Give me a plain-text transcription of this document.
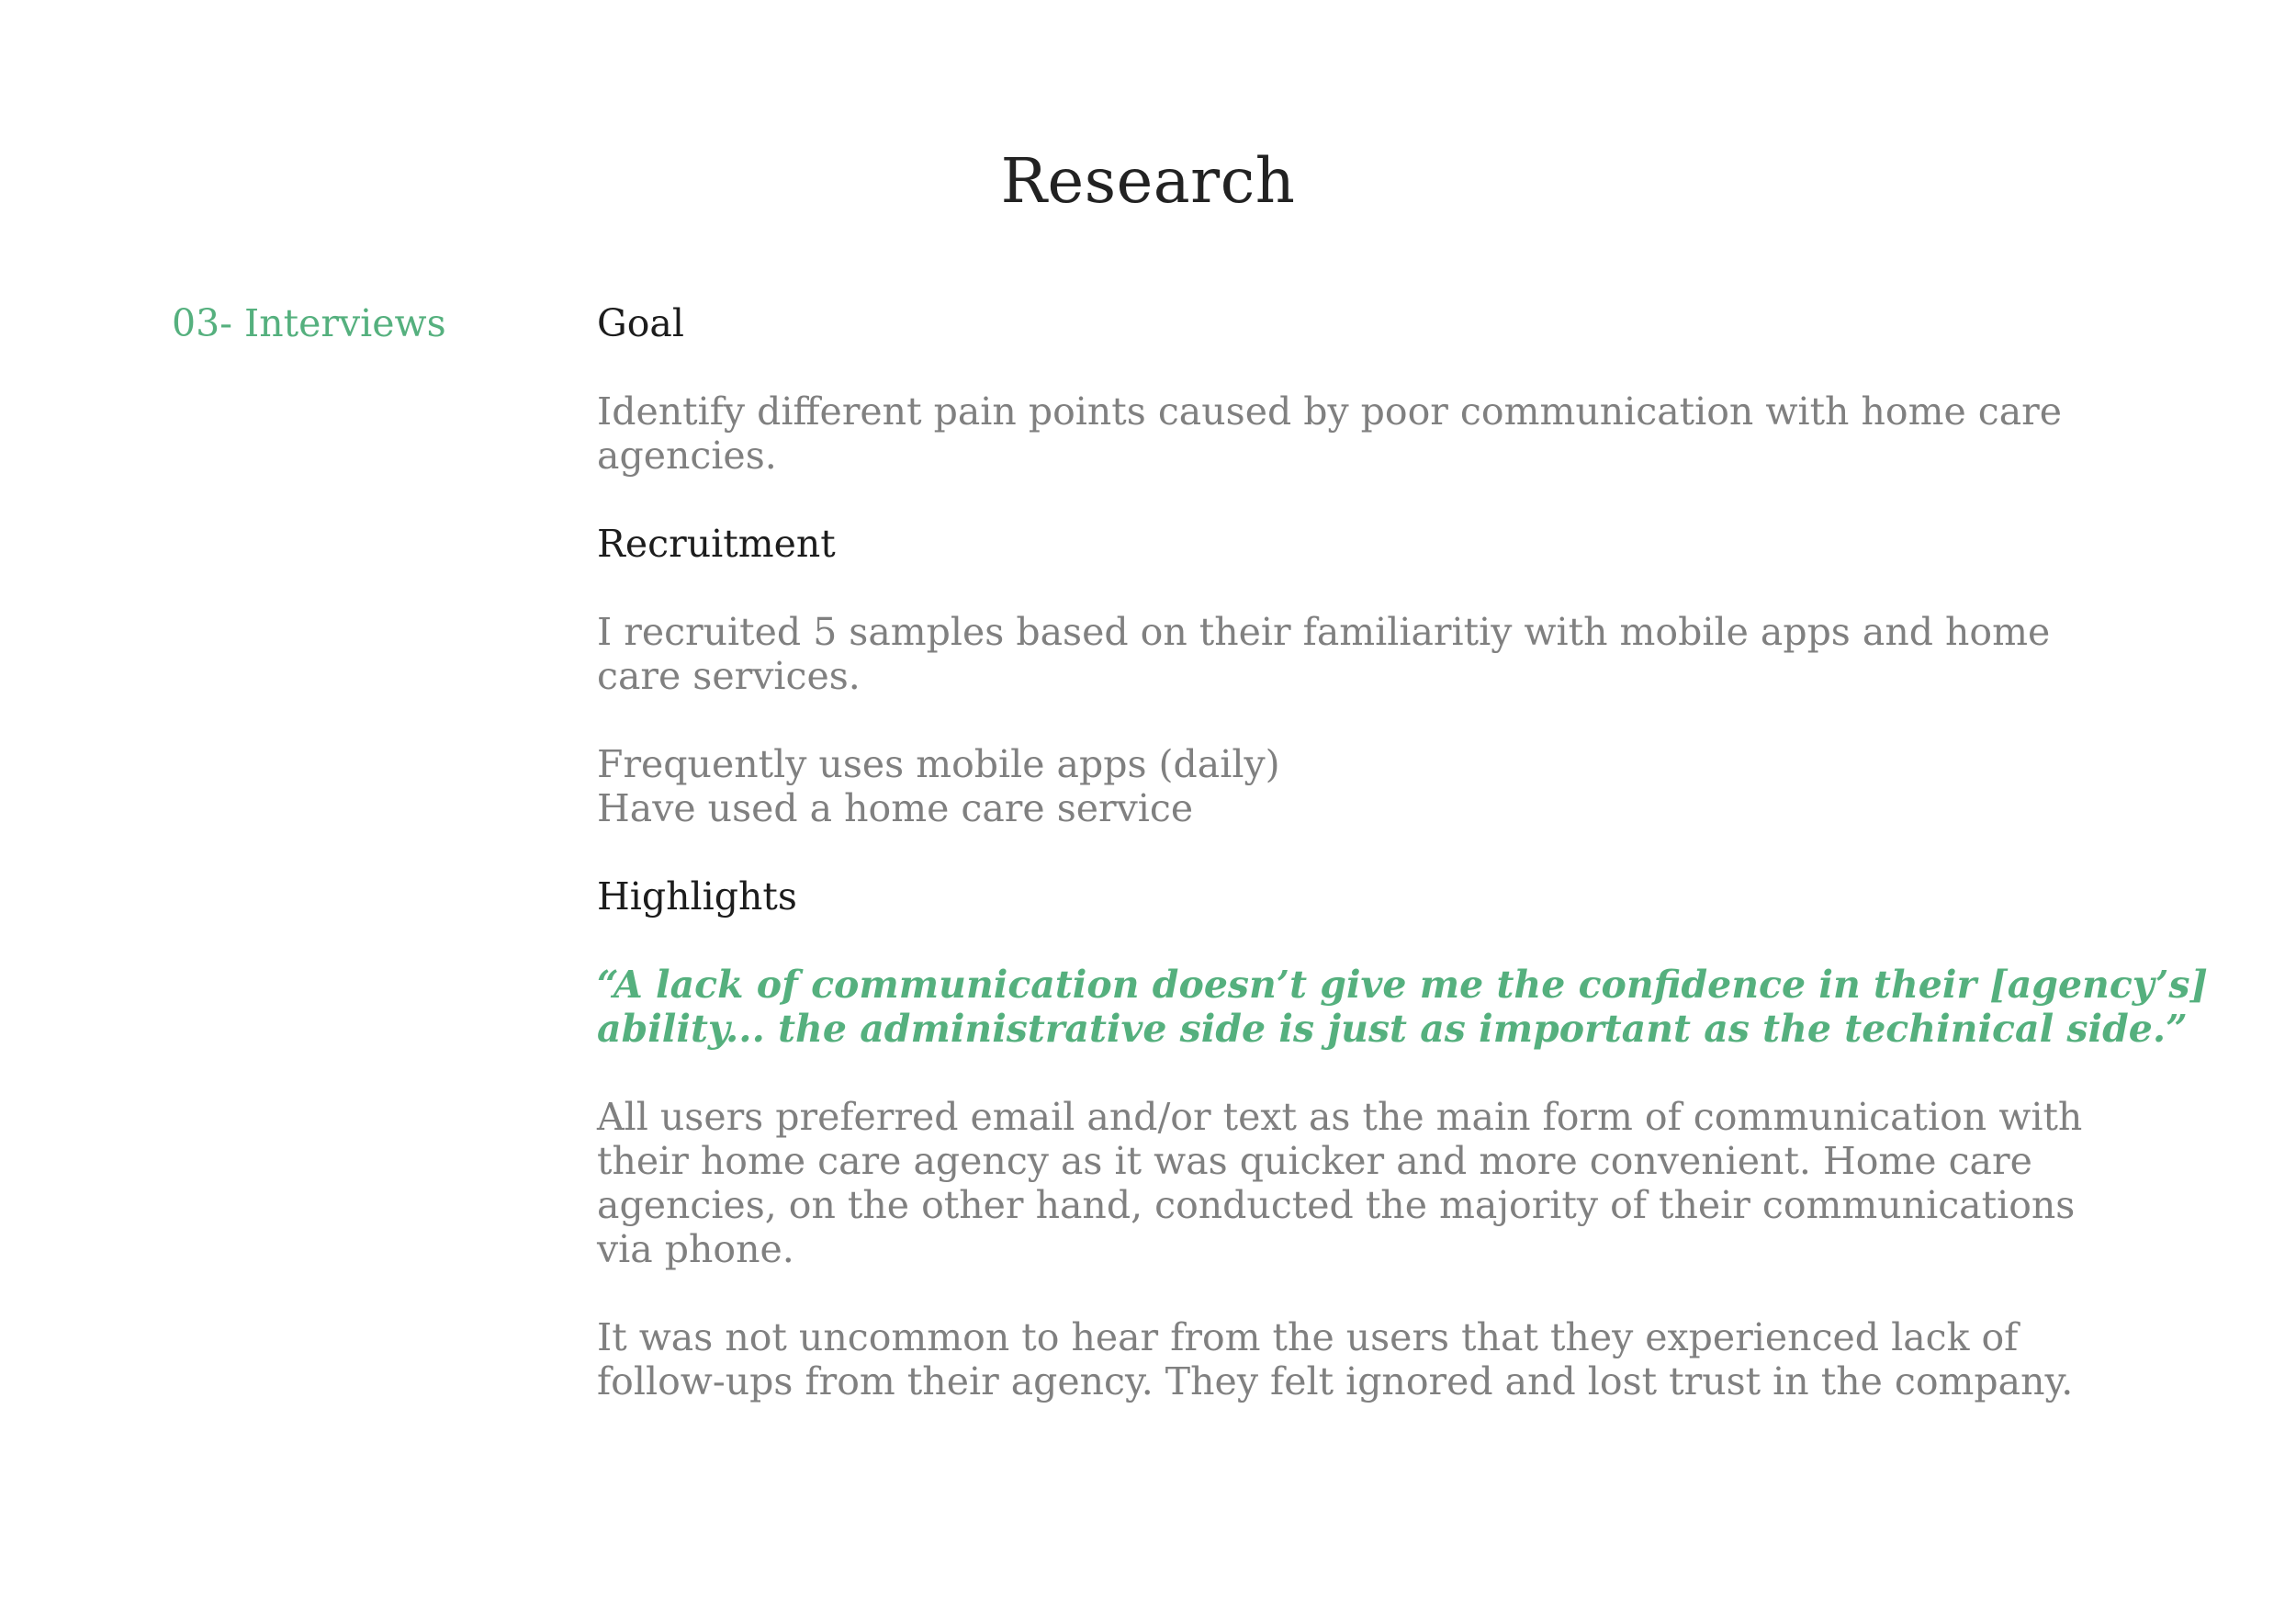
Research
03- Interviews	Goal

Identify different pain points caused by poor communication with home care
agencies.

Recruitment

I recruited 5 samples based on their familiaritiy with mobile apps and home
care services.

Frequently uses mobile apps (daily)
Have used a home care service

Highlights

“A lack of communication doesn’t give me the confidence in their [agency’s]
ability... the administrative side is just as important as the techinical side.”

All users preferred email and/or text as the main form of communication with
their home care agency as it was quicker and more convenient. Home care
agencies, on the other hand, conducted the majority of their communications
via phone.

It was not uncommon to hear from the users that they experienced lack of
follow-ups from their agency. They felt ignored and lost trust in the company.
